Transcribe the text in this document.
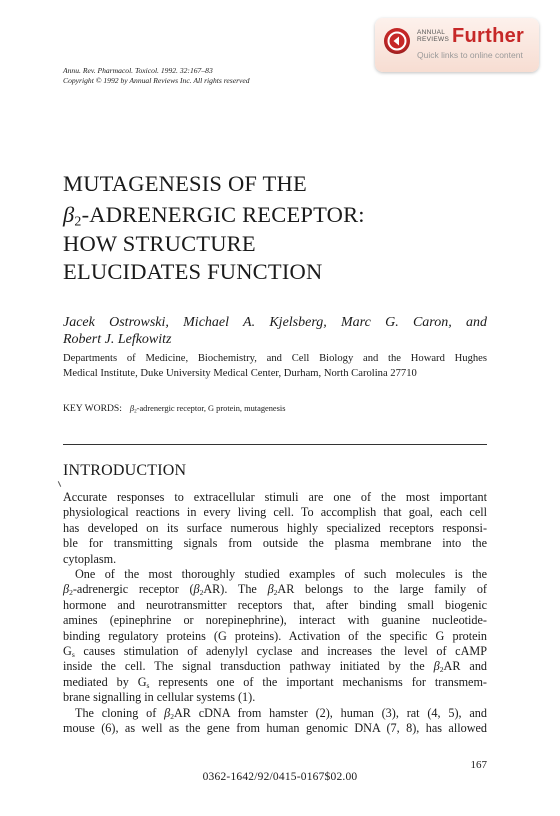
ANNUAL
REVIEWS Further
Quick links to online content
Annu. Rev. Pharmacol. Toxicol. 1992. 32:167–83
Copyright © 1992 by Annual Reviews Inc. All rights reserved
MUTAGENESIS OF THE
$\beta_2$-ADRENERGIC RECEPTOR:
HOW STRUCTURE
ELUCIDATES FUNCTION
Jacek Ostrowski, Michael A. Kjelsberg, Marc G. Caron, and
Robert J. Lefkowitz
Departments of Medicine, Biochemistry, and Cell Biology and the Howard Hughes
Medical Institute, Duke University Medical Center, Durham, North Carolina 27710
KEY WORDS: $\beta_2$-adrenergic receptor, G protein, mutagenesis
INTRODUCTION
Accurate responses to extracellular stimuli are one of the most important
physiological reactions in every living cell. To accomplish that goal, each cell
has developed on its surface numerous highly specialized receptors responsi-
ble for transmitting signals from outside the plasma membrane into the
cytoplasm.
One of the most thoroughly studied examples of such molecules is the
$\beta_2$-adrenergic receptor $(\beta_2AR)$. The $\beta_2AR$ belongs to the large family of
hormone and neurotransmitter receptors that, after binding small biogenic
amines (epinephrine or norepinephrine), interact with guanine nucleotide-
binding regulatory proteins (G proteins). Activation of the specific G protein
$G_s$ causes stimulation of adenylyl cyclase and increases the level of cAMP
inside the cell. The signal transduction pathway initiated by the $\beta_2AR$ and
mediated by $G_s$ represents one of the important mechanisms for transmem-
brane signalling in cellular systems (1).
The cloning of $\beta_2AR$ cDNA from hamster (2), human (3), rat (4, 5), and
mouse (6), as well as the gene from human genomic DNA (7, 8), has allowed
167
0362-1642/92/0415-0167$02.00
